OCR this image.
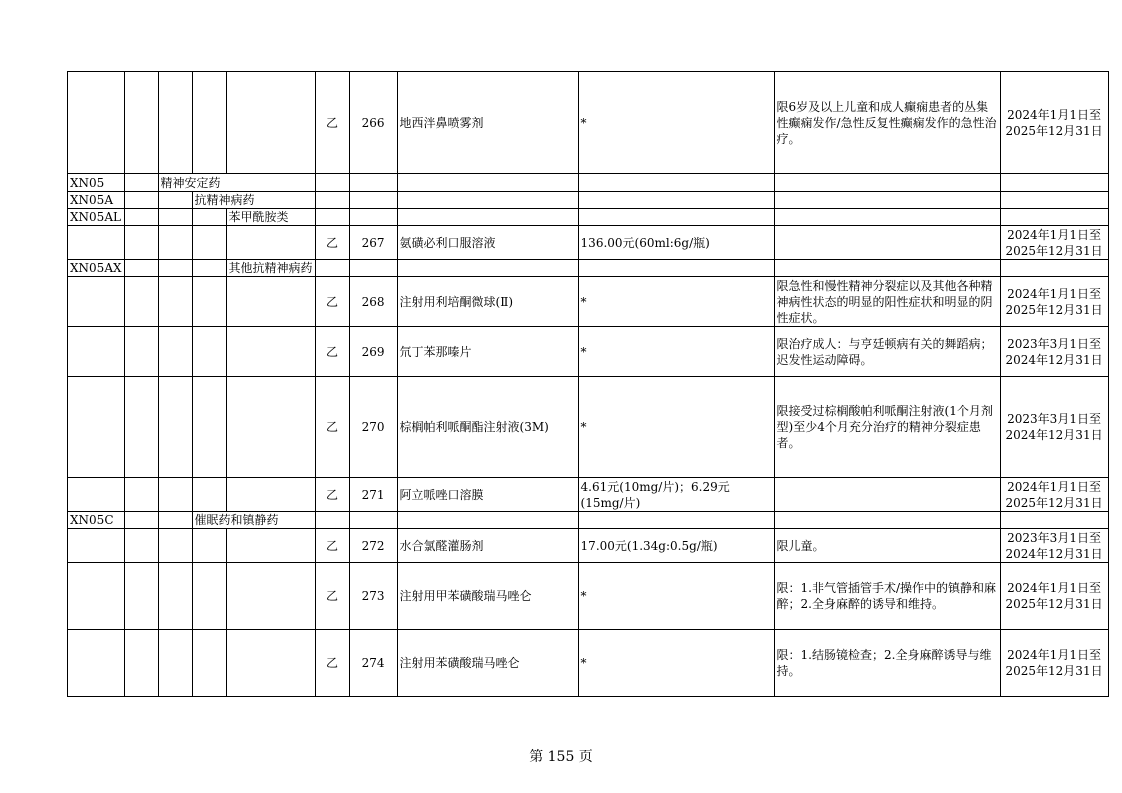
					乙	266	地西泮鼻喷雾剂	*	限6岁及以上儿童和成人癫痫患者的丛集性癫痫发作/急性反复性癫痫发作的急性治疗。	2024年1月1日至2025年12月31日
XN05		精神安定药								
XN05A			抗精神病药							
XN05AL				苯甲酰胺类						
					乙	267	氨磺必利口服溶液	136.00元(60ml:6g/瓶)		2024年1月1日至2025年12月31日
XN05AX				其他抗精神病药						
					乙	268	注射用利培酮微球(Ⅱ)	*	限急性和慢性精神分裂症以及其他各种精神病性状态的明显的阳性症状和明显的阴性症状。	2024年1月1日至2025年12月31日
					乙	269	氘丁苯那嗪片	*	限治疗成人：与亨廷顿病有关的舞蹈病；迟发性运动障碍。	2023年3月1日至2024年12月31日
					乙	270	棕榈帕利哌酮酯注射液(3M)	*	限接受过棕榈酸帕利哌酮注射液(1个月剂型)至少4个月充分治疗的精神分裂症患者。	2023年3月1日至2024年12月31日
					乙	271	阿立哌唑口溶膜	4.61元(10mg/片)；6.29元(15mg/片)		2024年1月1日至2025年12月31日
XN05C			催眠药和镇静药							
					乙	272	水合氯醛灌肠剂	17.00元(1.34g:0.5g/瓶)	限儿童。	2023年3月1日至2024年12月31日
					乙	273	注射用甲苯磺酸瑞马唑仑	*	限：1.非气管插管手术/操作中的镇静和麻醉；2.全身麻醉的诱导和维持。	2024年1月1日至2025年12月31日
					乙	274	注射用苯磺酸瑞马唑仑	*	限：1.结肠镜检查；2.全身麻醉诱导与维持。	2024年1月1日至2025年12月31日
第 155 页
